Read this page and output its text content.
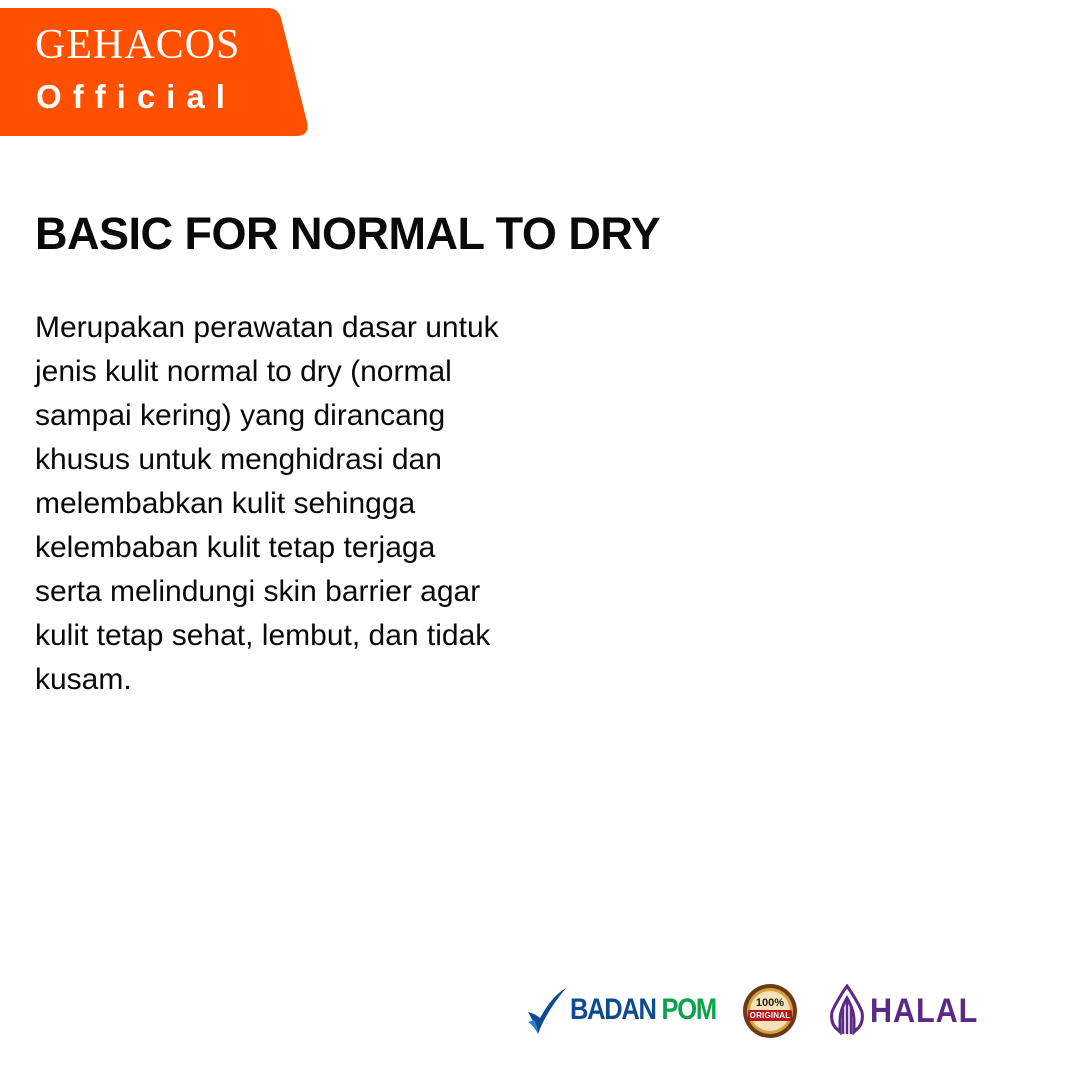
GEHACOS
Official
BASIC FOR NORMAL TO DRY

Merupakan perawatan dasar untuk
jenis kulit normal to dry (normal
sampai kering) yang dirancang
khusus untuk menghidrasi dan
melembabkan kulit sehingga
kelembaban kulit tetap terjaga
serta melindungi skin barrier agar
kulit tetap sehat, lembut, dan tidak
kusam.

BADAN POM	100%
ORIGINAL HALAL
